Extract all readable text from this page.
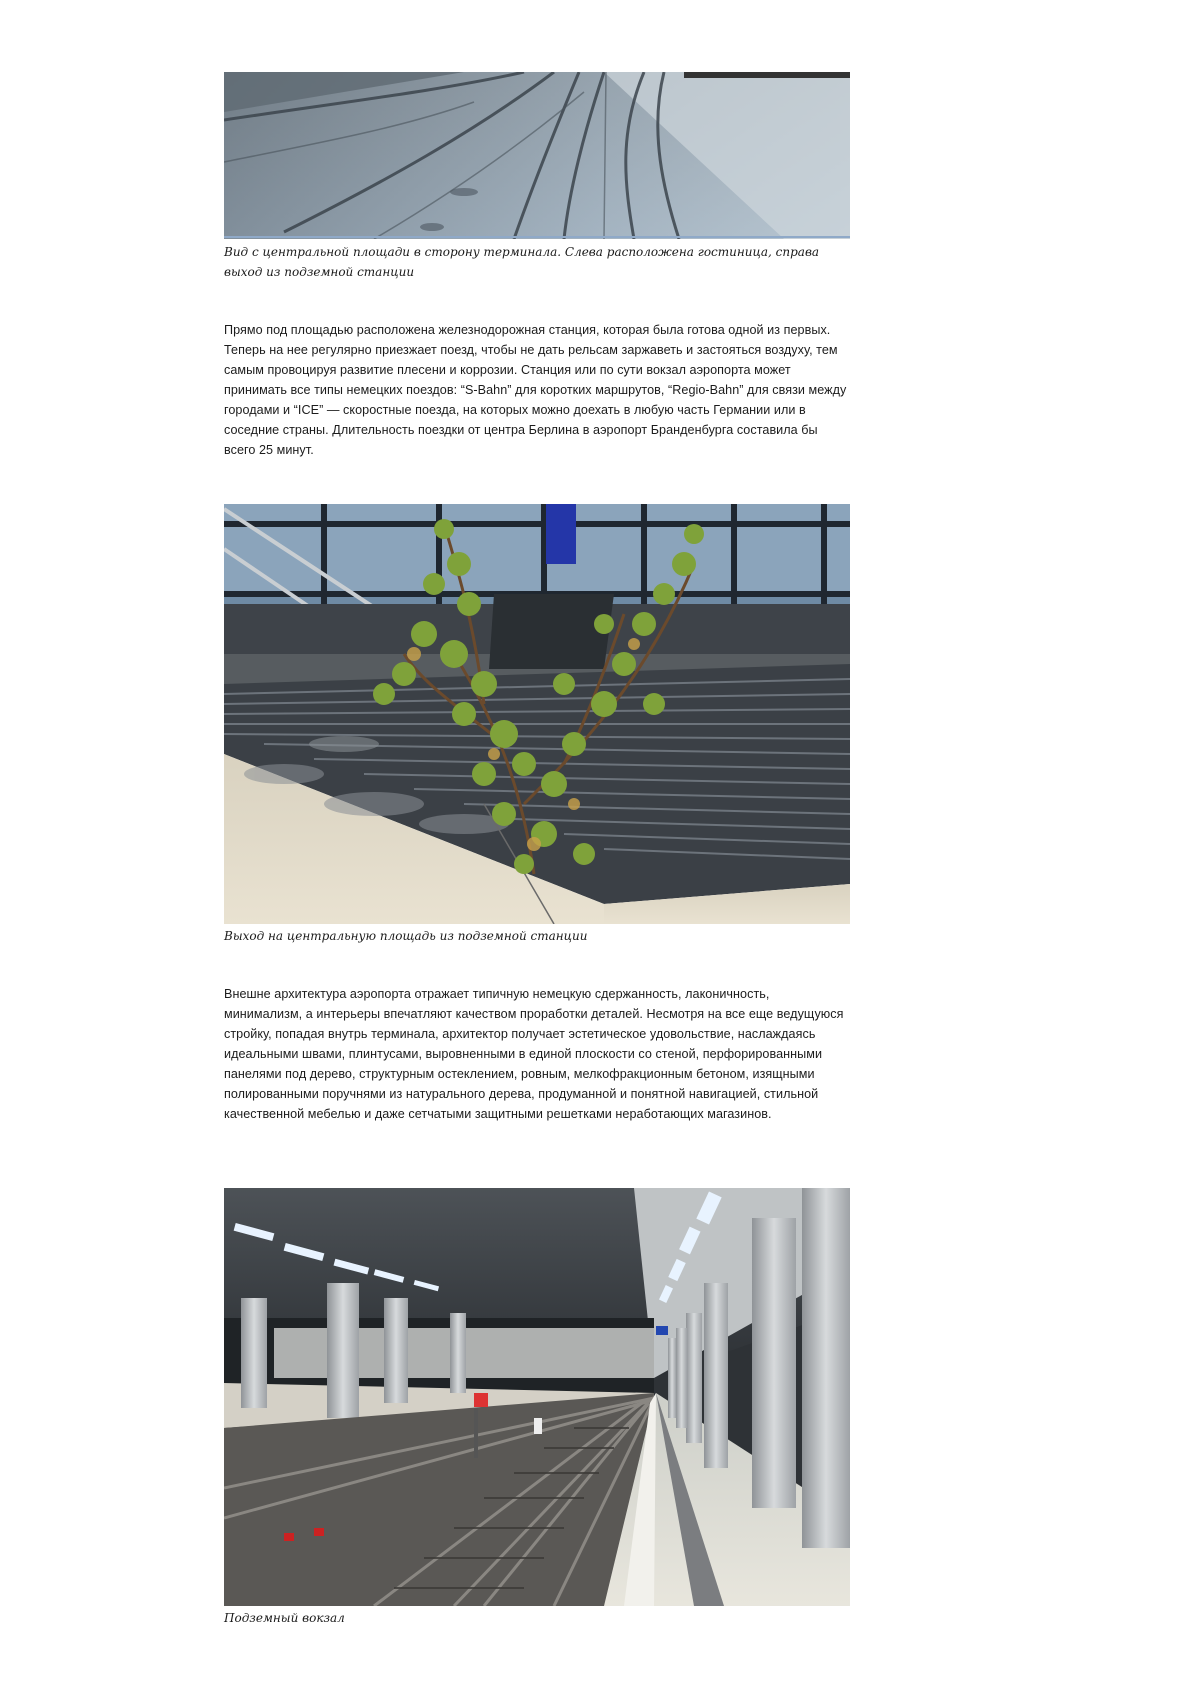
Вид с центральной площади в сторону терминала. Слева расположена гостиница, справа выход из подземной станции
Прямо под площадью расположена железнодорожная станция, которая была готова одной из первых. Теперь на нее регулярно приезжает поезд, чтобы не дать рельсам заржаветь и застояться воздуху, тем самым провоцируя развитие плесени и коррозии. Станция или по сути вокзал аэропорта может принимать все типы немецких поездов: “S-Bahn” для коротких маршрутов, “Regio-Bahn” для связи между городами и “ICE” — скоростные поезда, на которых можно доехать в любую часть Германии или в соседние страны. Длительность поездки от центра Берлина в аэропорт Бранденбурга составила бы всего 25 минут.
Выход на центральную площадь из подземной станции
Внешне архитектура аэропорта отражает типичную немецкую сдержанность, лаконичность, минимализм, а интерьеры впечатляют качеством проработки деталей. Несмотря на все еще ведущуюся стройку, попадая внутрь терминала, архитектор получает эстетическое удовольствие, наслаждаясь идеальными швами, плинтусами, выровненными в единой плоскости со стеной, перфорированными панелями под дерево, структурным остеклением, ровным, мелкофракционным бетоном, изящными полированными поручнями из натурального дерева, продуманной и понятной навигацией, стильной качественной мебелью и даже сетчатыми защитными решетками неработающих магазинов.
Подземный вокзал
